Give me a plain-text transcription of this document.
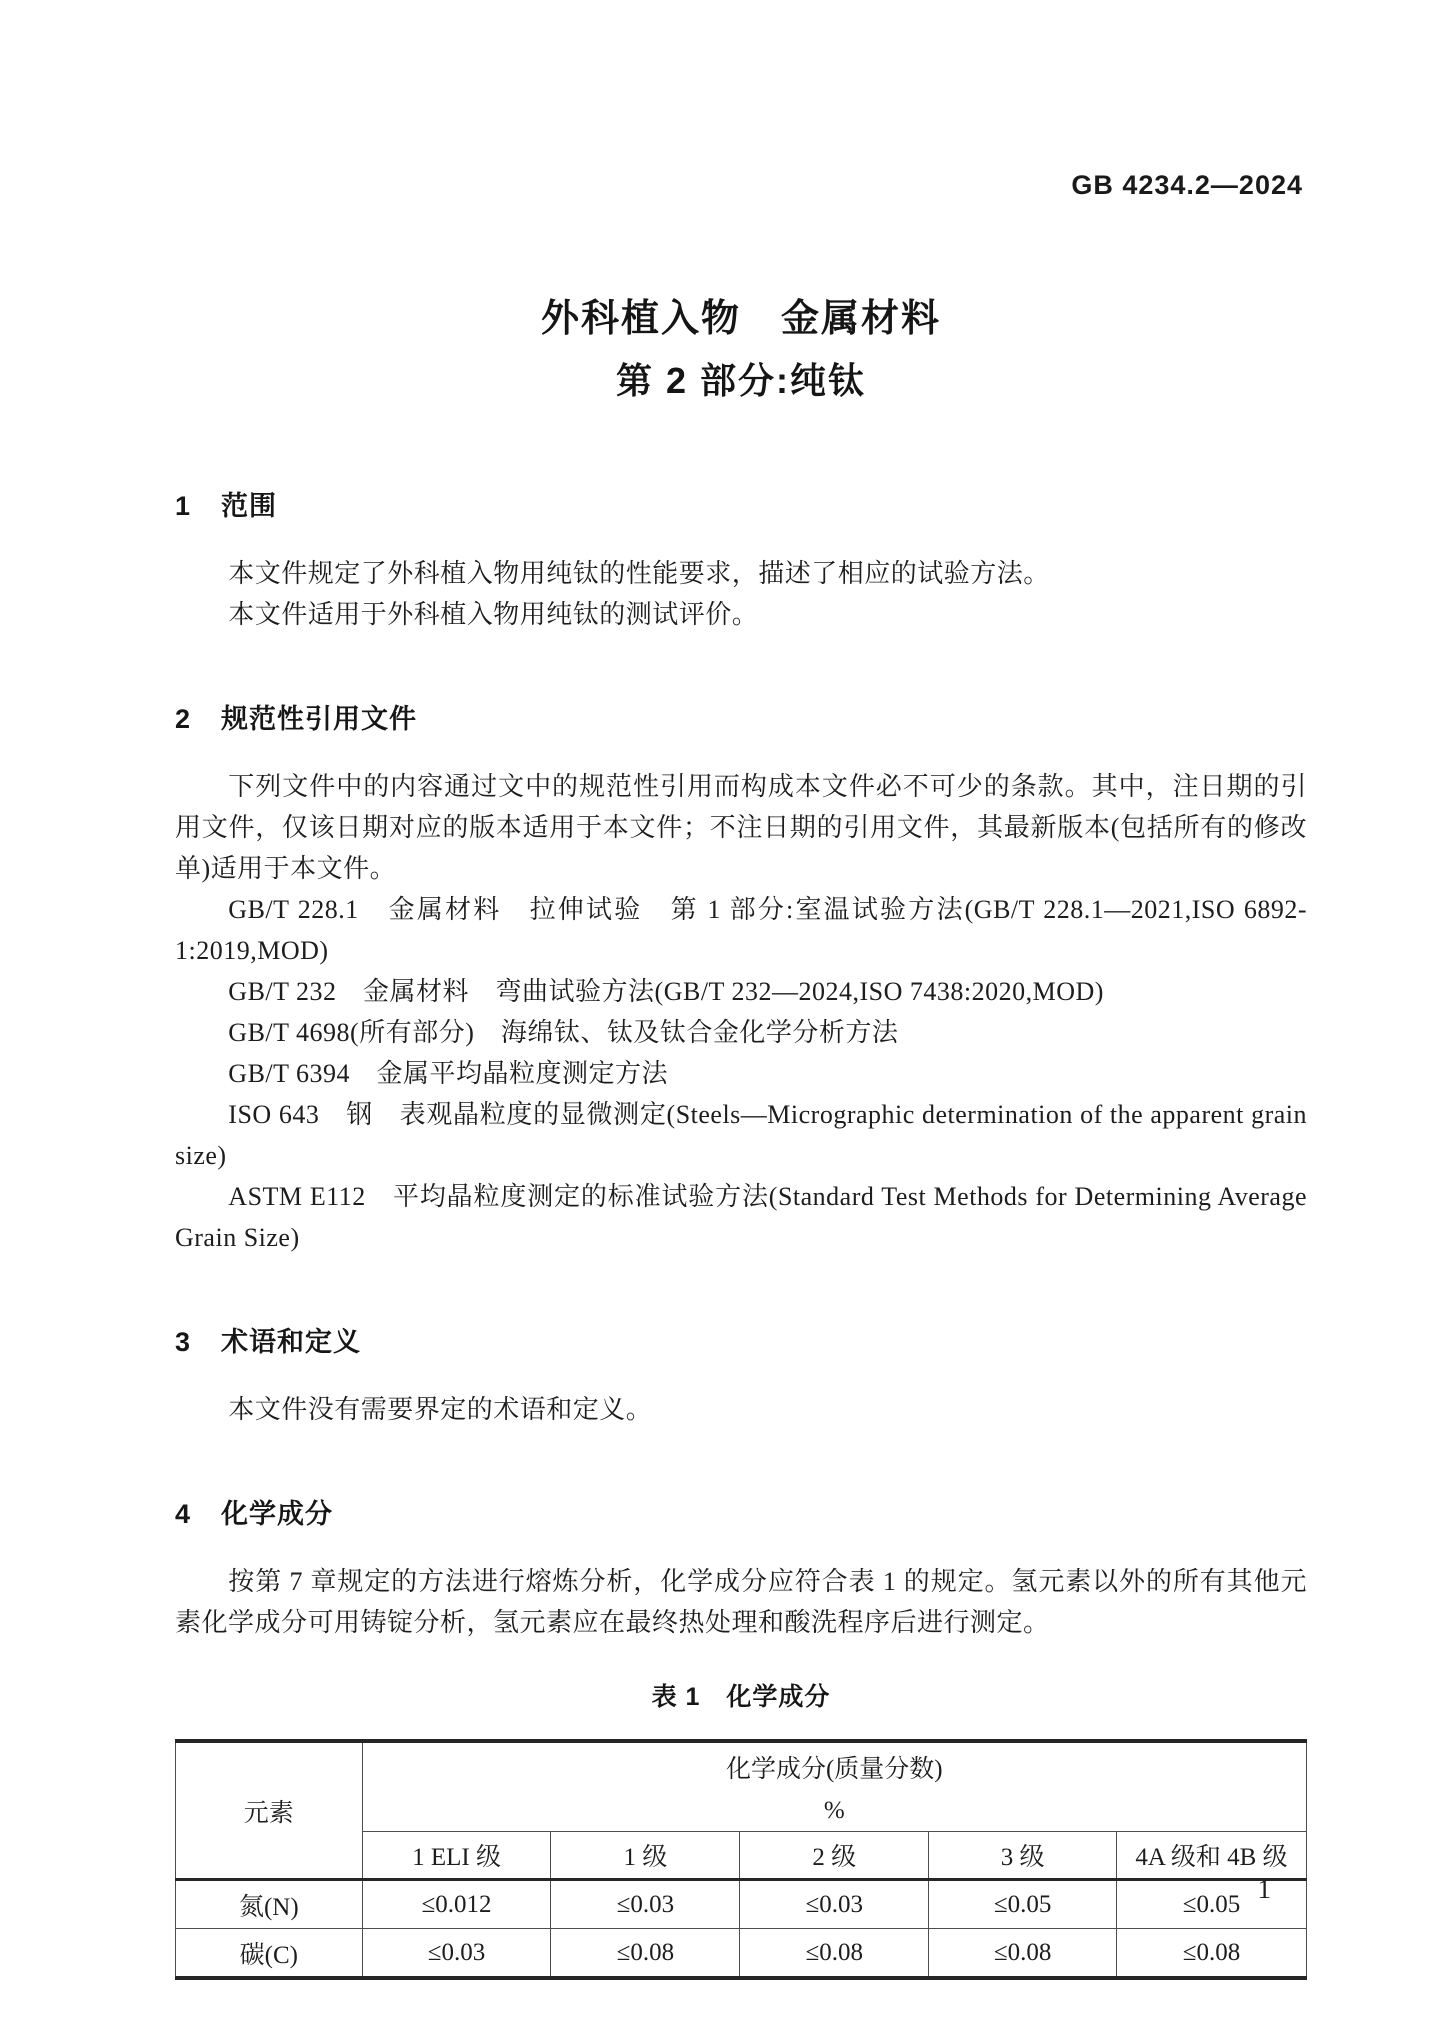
GB 4234.2—2024
外科植入物　金属材料
第 2 部分:纯钛
1 范围

本文件规定了外科植入物用纯钛的性能要求，描述了相应的试验方法。

本文件适用于外科植入物用纯钛的测试评价。

2 规范性引用文件

下列文件中的内容通过文中的规范性引用而构成本文件必不可少的条款。其中，注日期的引用文件，仅该日期对应的版本适用于本文件；不注日期的引用文件，其最新版本(包括所有的修改单)适用于本文件。

GB/T 228.1　金属材料　拉伸试验　第 1 部分:室温试验方法(GB/T 228.1—2021,ISO 6892-1:2019,MOD)

GB/T 232　金属材料　弯曲试验方法(GB/T 232—2024,ISO 7438:2020,MOD)

GB/T 4698(所有部分)　海绵钛、钛及钛合金化学分析方法

GB/T 6394　金属平均晶粒度测定方法

ISO 643　钢　表观晶粒度的显微测定(Steels—Micrographic determination of the apparent grain size)

ASTM E112　平均晶粒度测定的标准试验方法(Standard Test Methods for Determining Average Grain Size)

3 术语和定义

本文件没有需要界定的术语和定义。

4 化学成分

按第 7 章规定的方法进行熔炼分析，化学成分应符合表 1 的规定。氢元素以外的所有其他元素化学成分可用铸锭分析，氢元素应在最终热处理和酸洗程序后进行测定。

表 1　化学成分
元素	化学成分(质量分数)
%				

	1 ELI 级	1 级	2 级	3 级	4A 级和 4B 级
氮(N)	≤0.012	≤0.03	≤0.03	≤0.05	≤0.05
碳(C)	≤0.03	≤0.08	≤0.08	≤0.08	≤0.08
1
